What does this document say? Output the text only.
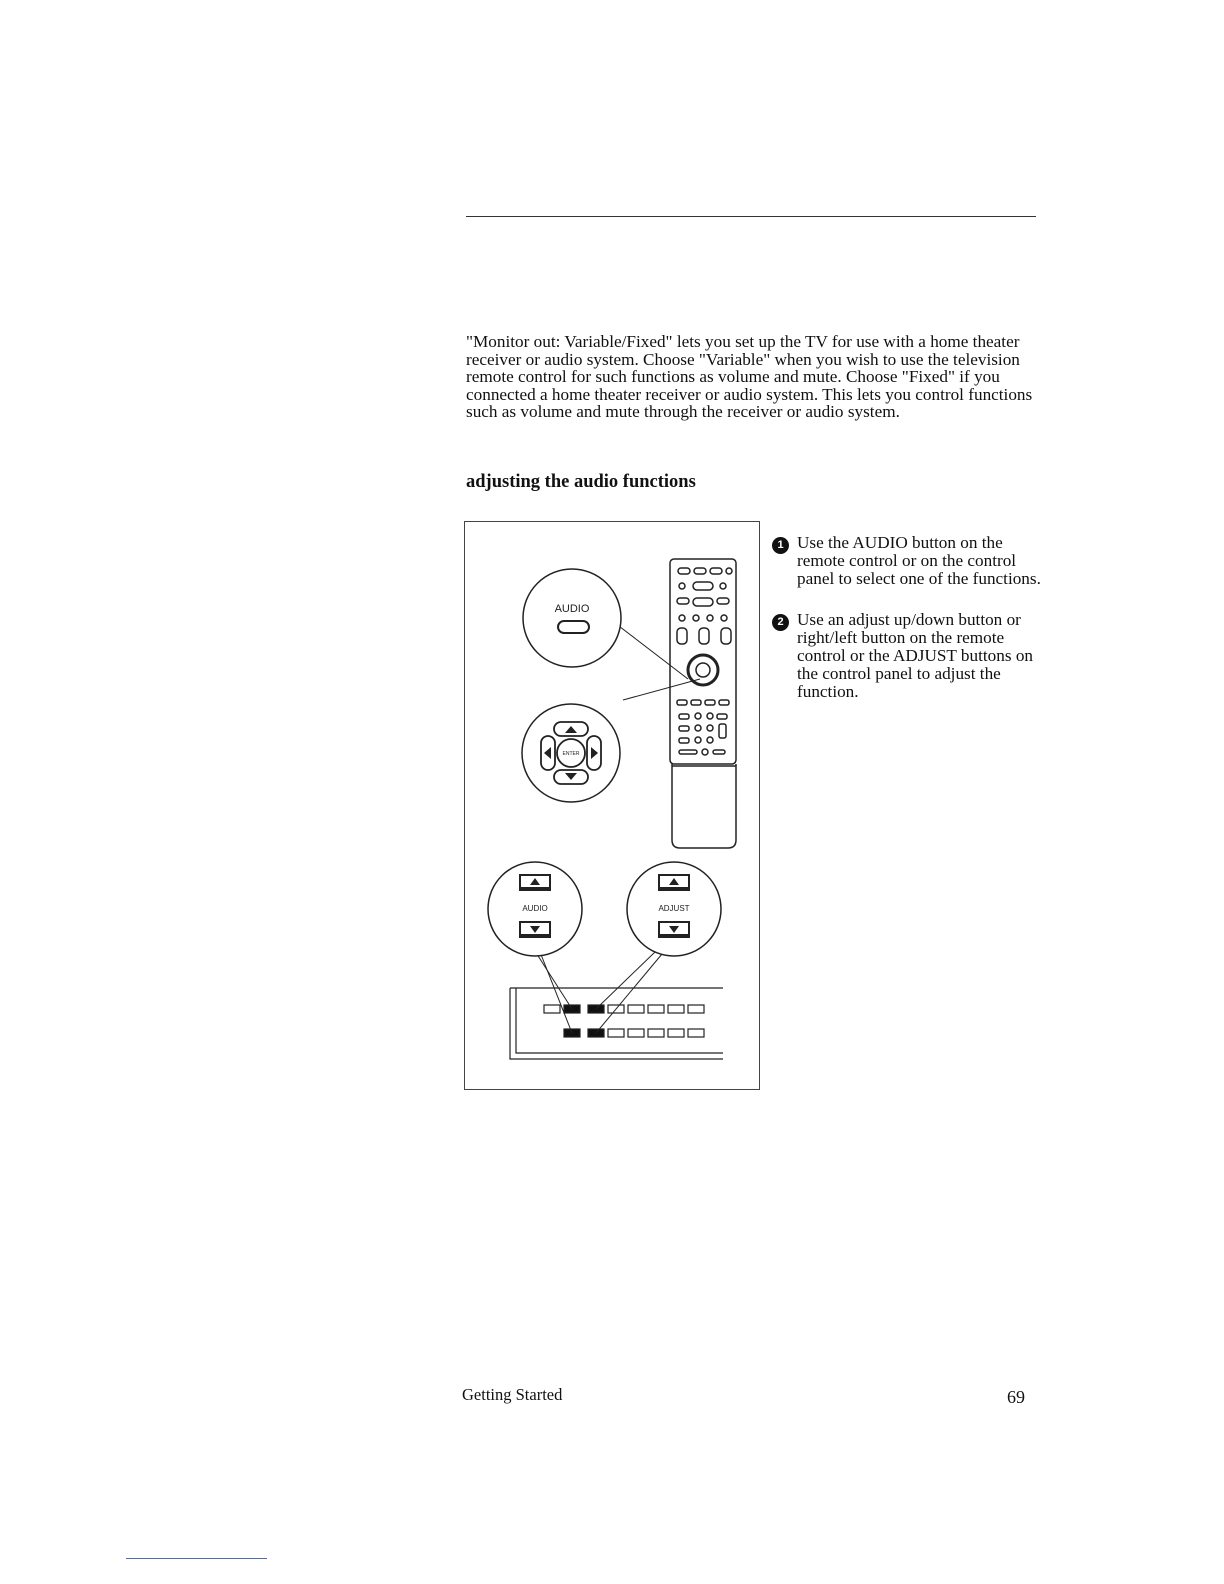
"Monitor out: Variable/Fixed" lets you set up the TV for use with a home theater receiver or audio system. Choose "Variable" when you wish to use the television remote control for such functions as volume and mute. Choose "Fixed" if you connected a home theater receiver or audio system. This lets you control functions such as volume and mute through the receiver or audio system.

adjusting the audio functions
AUDIO
ENTER
AUDIO	ADJUST
1 Use the AUDIO button on the remote control or on the control panel to select one of the functions.

2 Use an adjust up/down button or right/left button on the remote control or the ADJUST buttons on the control panel to adjust the function.

Getting Started	69
